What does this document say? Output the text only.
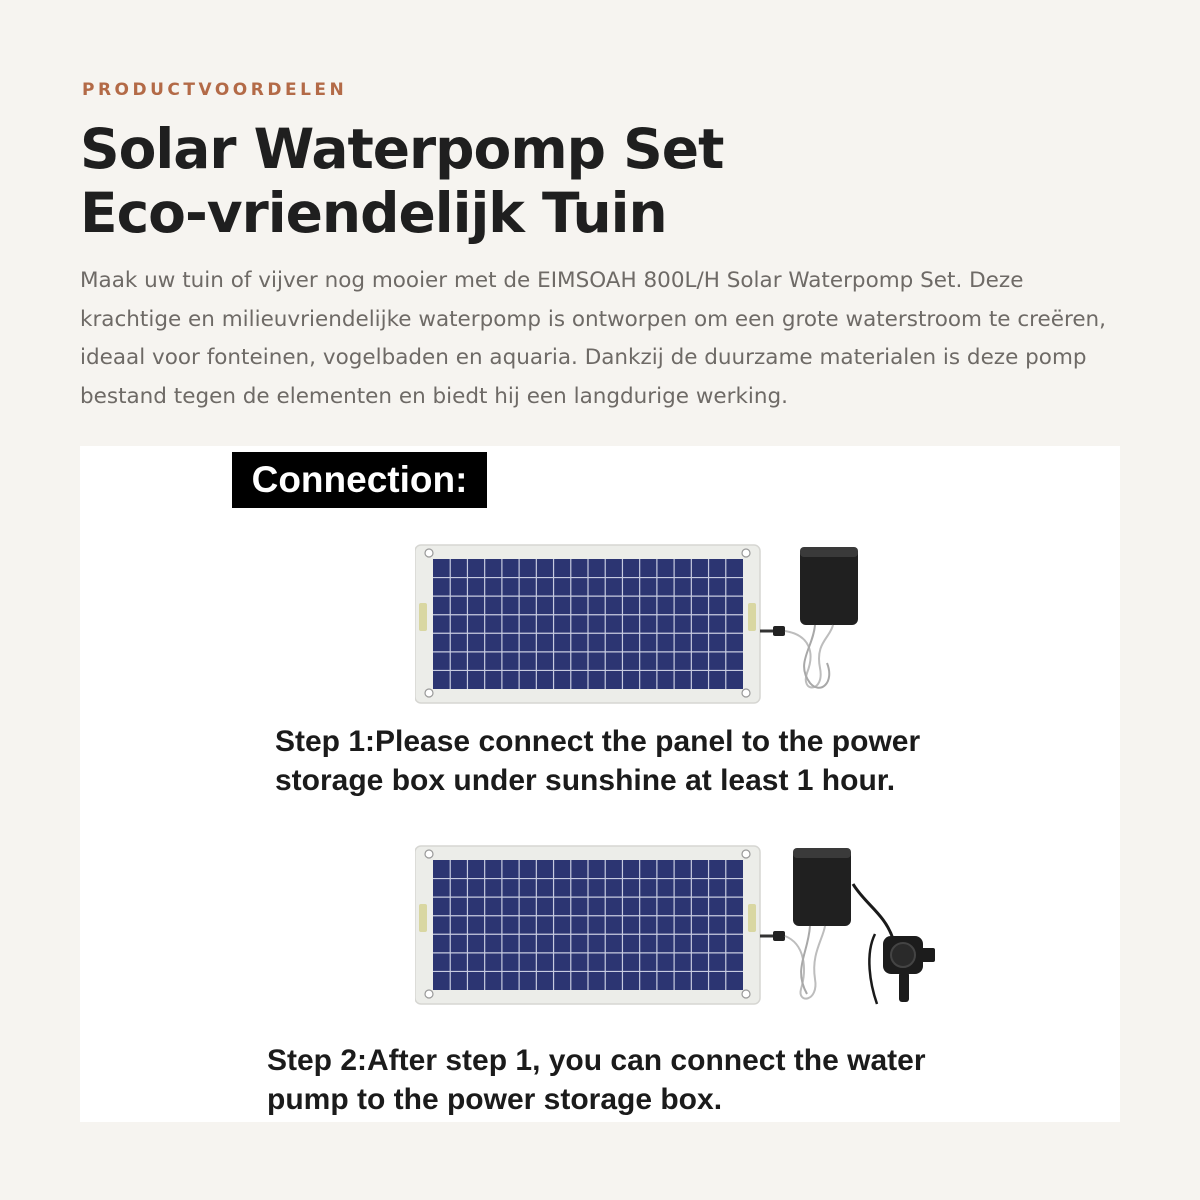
PRODUCTVOORDELEN
Solar Waterpomp Set
Eco-vriendelijk Tuin

Maak uw tuin of vijver nog mooier met de EIMSOAH 800L/H Solar Waterpomp Set. Deze krachtige en milieuvriendelijke waterpomp is ontworpen om een grote waterstroom te creëren, ideaal voor fonteinen, vogelbaden en aquaria. Dankzij de duurzame materialen is deze pomp bestand tegen de elementen en biedt hij een langdurige werking.

Connection:
Step 1:Please connect the panel to the power
storage box under sunshine at least 1 hour.
Step 2:After step 1, you can connect the water
pump to the power storage box.
